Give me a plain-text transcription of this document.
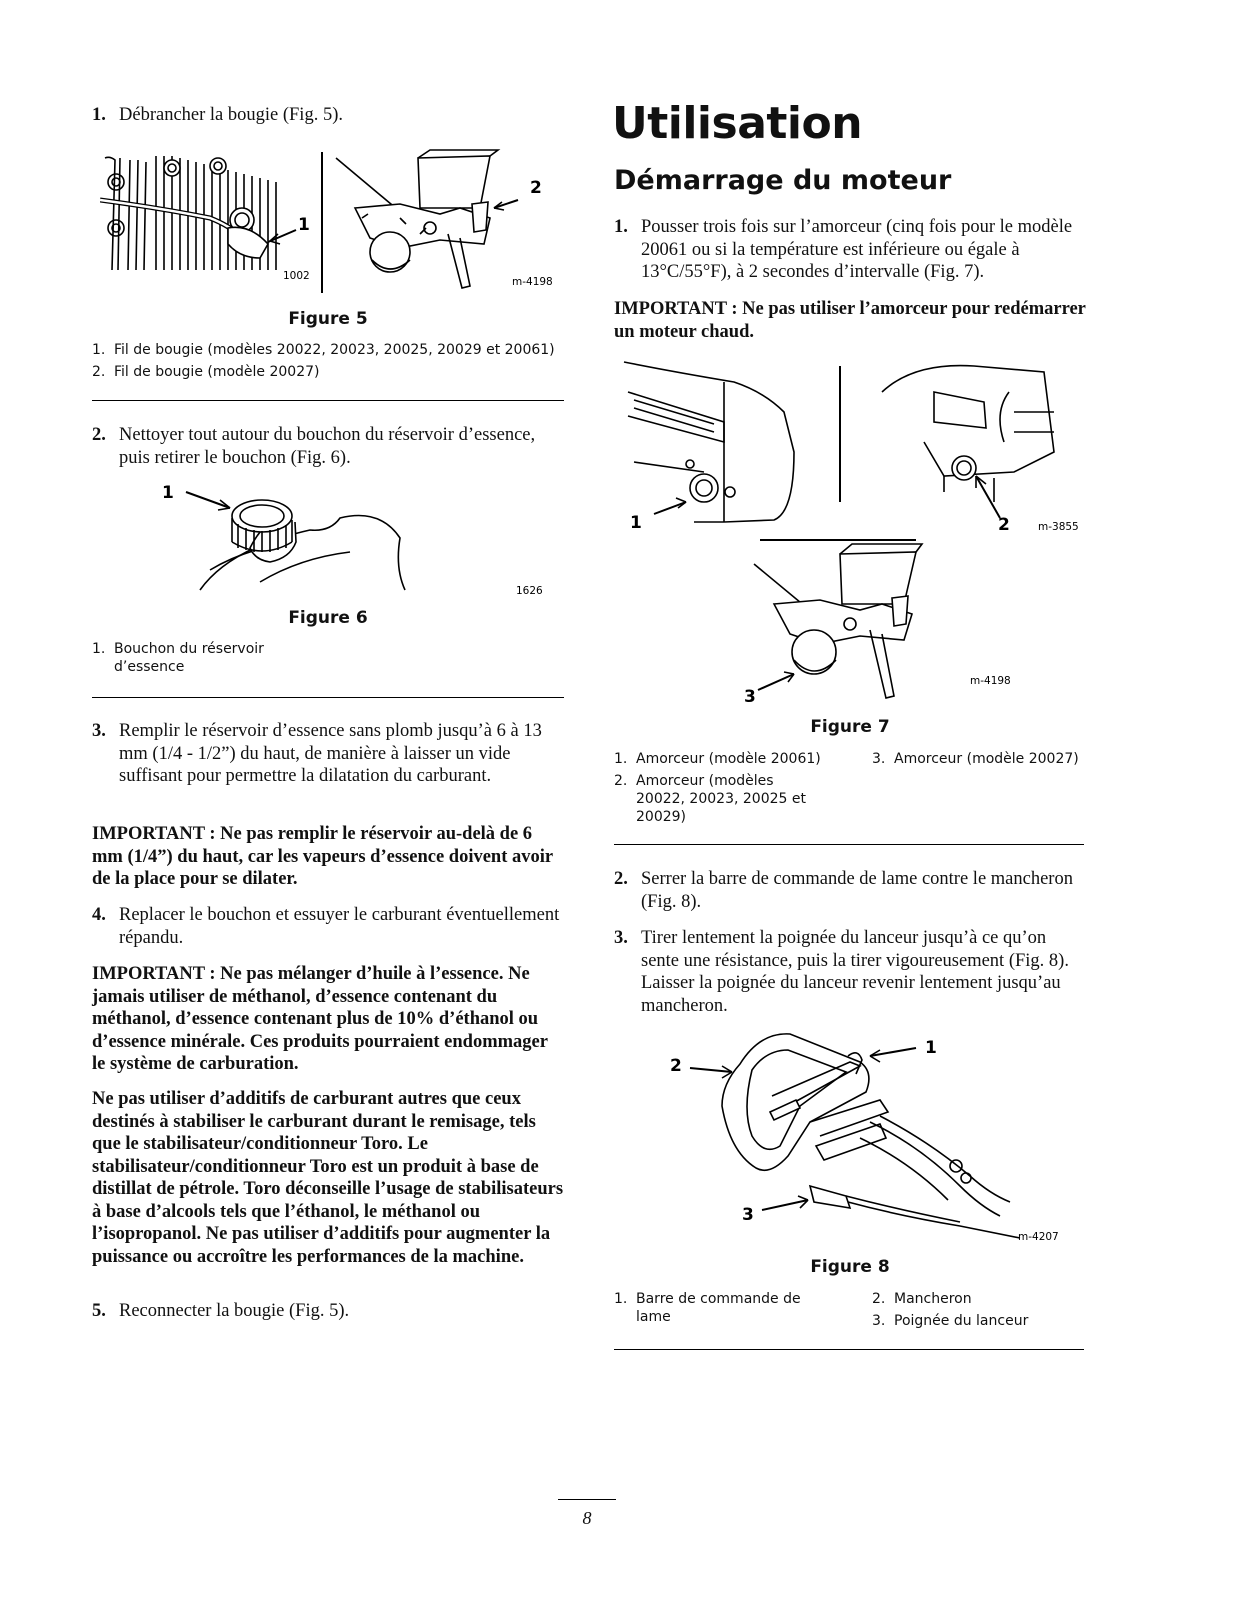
1. Débrancher la bougie (Fig. 5).
1
1002
2
m-4198
Figure 5
1. Fil de bougie (modèles 20022, 20023, 20025, 20029 et 20061)
2. Fil de bougie (modèle 20027)
2. Nettoyer tout autour du bouchon du réservoir d’essence, puis retirer le bouchon (Fig. 6).
1
1626
Figure 6
1. Bouchon du réservoir d’essence
3. Remplir le réservoir d’essence sans plomb jusqu’à 6 à 13 mm (1/4 - 1/2”) du haut, de manière à laisser un vide suffisant pour permettre la dilatation du carburant.
IMPORTANT : Ne pas remplir le réservoir au-delà de 6 mm (1/4”) du haut, car les vapeurs d’essence doivent avoir de la place pour se dilater.
4. Replacer le bouchon et essuyer le carburant éventuellement répandu.
IMPORTANT : Ne pas mélanger d’huile à l’essence. Ne jamais utiliser de méthanol, d’essence contenant du méthanol, d’essence contenant plus de 10% d’éthanol ou d’essence minérale. Ces produits pourraient endommager le système de carburation.
Ne pas utiliser d’additifs de carburant autres que ceux destinés à stabiliser le carburant durant le remisage, tels que le stabilisateur/conditionneur Toro. Le stabilisateur/conditionneur Toro est un produit à base de distillat de pétrole. Toro déconseille l’usage de stabilisateurs à base d’alcools tels que l’éthanol, le méthanol ou l’isopropanol. Ne pas utiliser d’additifs pour augmenter la puissance ou accroître les performances de la machine.
5. Reconnecter la bougie (Fig. 5).
Utilisation
Démarrage du moteur
1. Pousser trois fois sur l’amorceur (cinq fois pour le modèle 20061 ou si la température est inférieure ou égale à 13°C/55°F), à 2 secondes d’intervalle (Fig. 7).
IMPORTANT : Ne pas utiliser l’amorceur pour redémarrer un moteur chaud.
1	2	m-3855
3
m-4198
Figure 7
1. Amorceur (modèle 20061)
2. Amorceur (modèles 20022, 20023, 20025 et 20029)
3. Amorceur (modèle 20027)
2. Serrer la barre de commande de lame contre le mancheron (Fig. 8).
3. Tirer lentement la poignée du lanceur jusqu’à ce qu’on sente une résistance, puis la tirer vigoureusement (Fig. 8). Laisser la poignée du lanceur revenir lentement jusqu’au mancheron.
1
2
3
m-4207
Figure 8
1. Barre de commande de lame
2. Mancheron
3. Poignée du lanceur
8
